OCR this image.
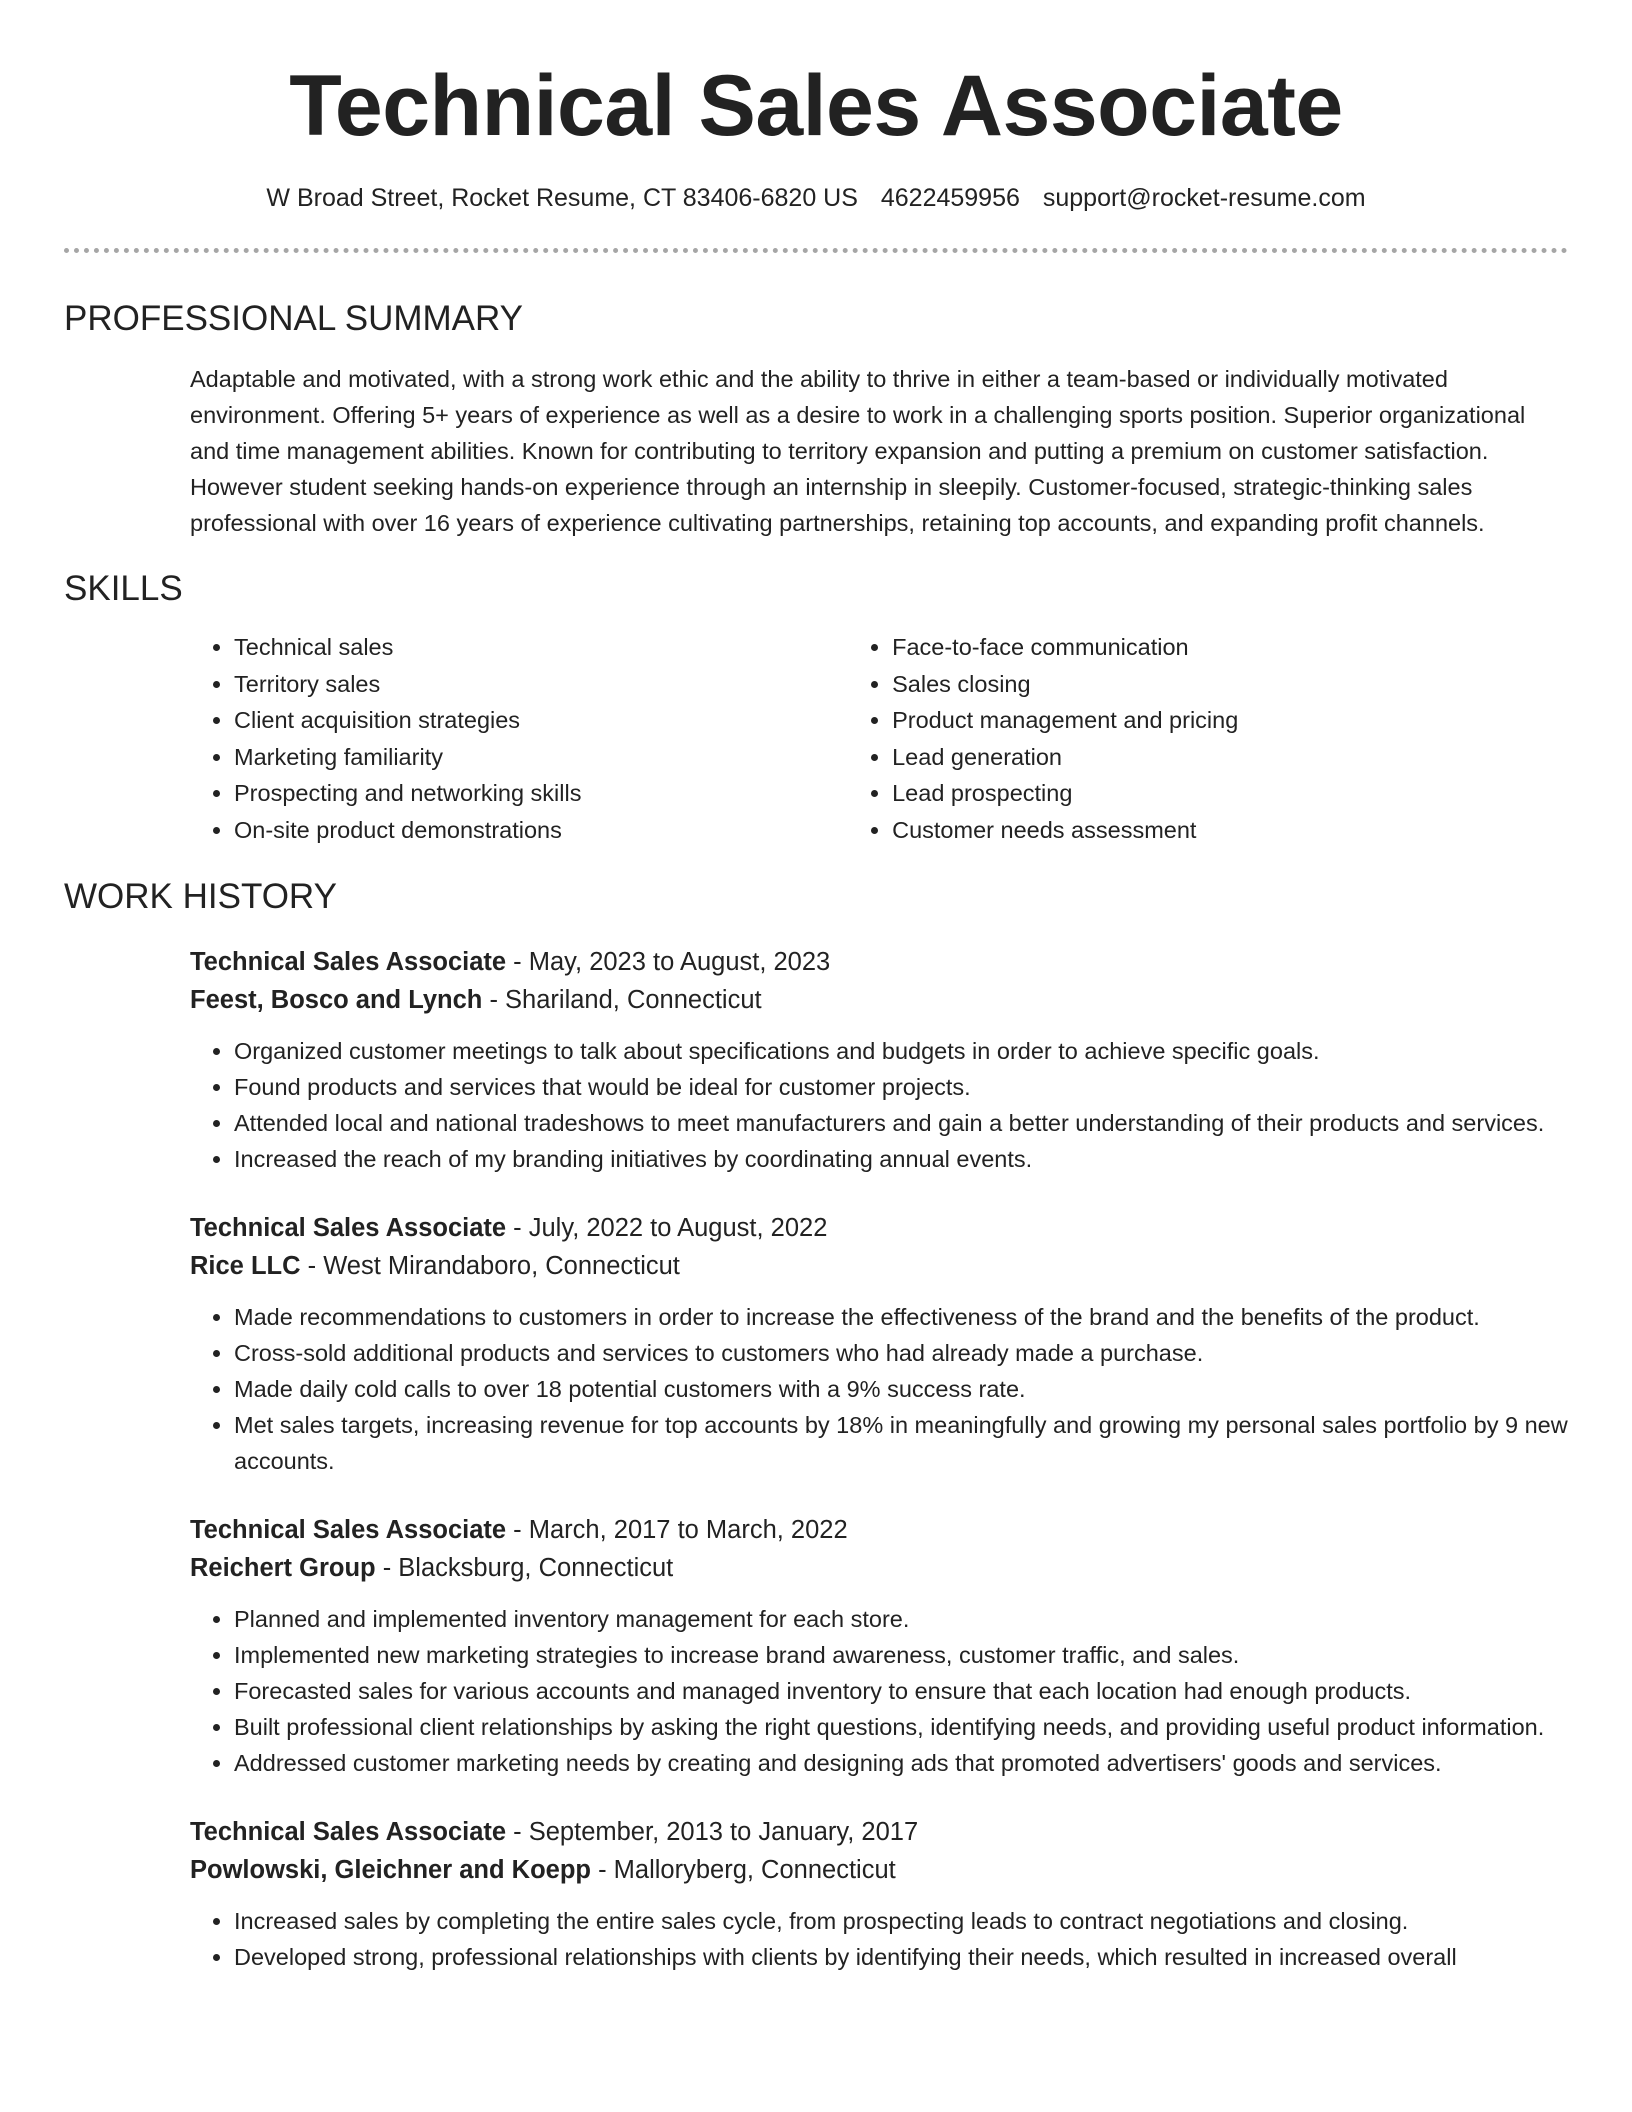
Technical Sales Associate
W Broad Street, Rocket Resume, CT 83406-6820 US 4622459956 support@rocket-resume.com
PROFESSIONAL SUMMARY

Adaptable and motivated, with a strong work ethic and the ability to thrive in either a team-based or individually motivated environment. Offering 5+ years of experience as well as a desire to work in a challenging sports position. Superior organizational and time management abilities. Known for contributing to territory expansion and putting a premium on customer satisfaction. However student seeking hands-on experience through an internship in sleepily. Customer-focused, strategic-thinking sales professional with over 16 years of experience cultivating partnerships, retaining top accounts, and expanding profit channels.

SKILLS
• Technical sales
• Territory sales
• Client acquisition strategies
• Marketing familiarity
• Prospecting and networking skills
• On-site product demonstrations
• Face-to-face communication
• Sales closing
• Product management and pricing
• Lead generation
• Lead prospecting
• Customer needs assessment
WORK HISTORY
Technical Sales Associate - May, 2023 to August, 2023
Feest, Bosco and Lynch - Shariland, Connecticut
• Organized customer meetings to talk about specifications and budgets in order to achieve specific goals.
• Found products and services that would be ideal for customer projects.
• Attended local and national tradeshows to meet manufacturers and gain a better understanding of their products and services.
• Increased the reach of my branding initiatives by coordinating annual events.
Technical Sales Associate - July, 2022 to August, 2022
Rice LLC - West Mirandaboro, Connecticut
• Made recommendations to customers in order to increase the effectiveness of the brand and the benefits of the product.
• Cross-sold additional products and services to customers who had already made a purchase.
• Made daily cold calls to over 18 potential customers with a 9% success rate.
• Met sales targets, increasing revenue for top accounts by 18% in meaningfully and growing my personal sales portfolio by 9 new accounts.
Technical Sales Associate - March, 2017 to March, 2022
Reichert Group - Blacksburg, Connecticut
• Planned and implemented inventory management for each store.
• Implemented new marketing strategies to increase brand awareness, customer traffic, and sales.
• Forecasted sales for various accounts and managed inventory to ensure that each location had enough products.
• Built professional client relationships by asking the right questions, identifying needs, and providing useful product information.
• Addressed customer marketing needs by creating and designing ads that promoted advertisers' goods and services.
Technical Sales Associate - September, 2013 to January, 2017
Powlowski, Gleichner and Koepp - Malloryberg, Connecticut
• Increased sales by completing the entire sales cycle, from prospecting leads to contract negotiations and closing.
• Developed strong, professional relationships with clients by identifying their needs, which resulted in increased overall
